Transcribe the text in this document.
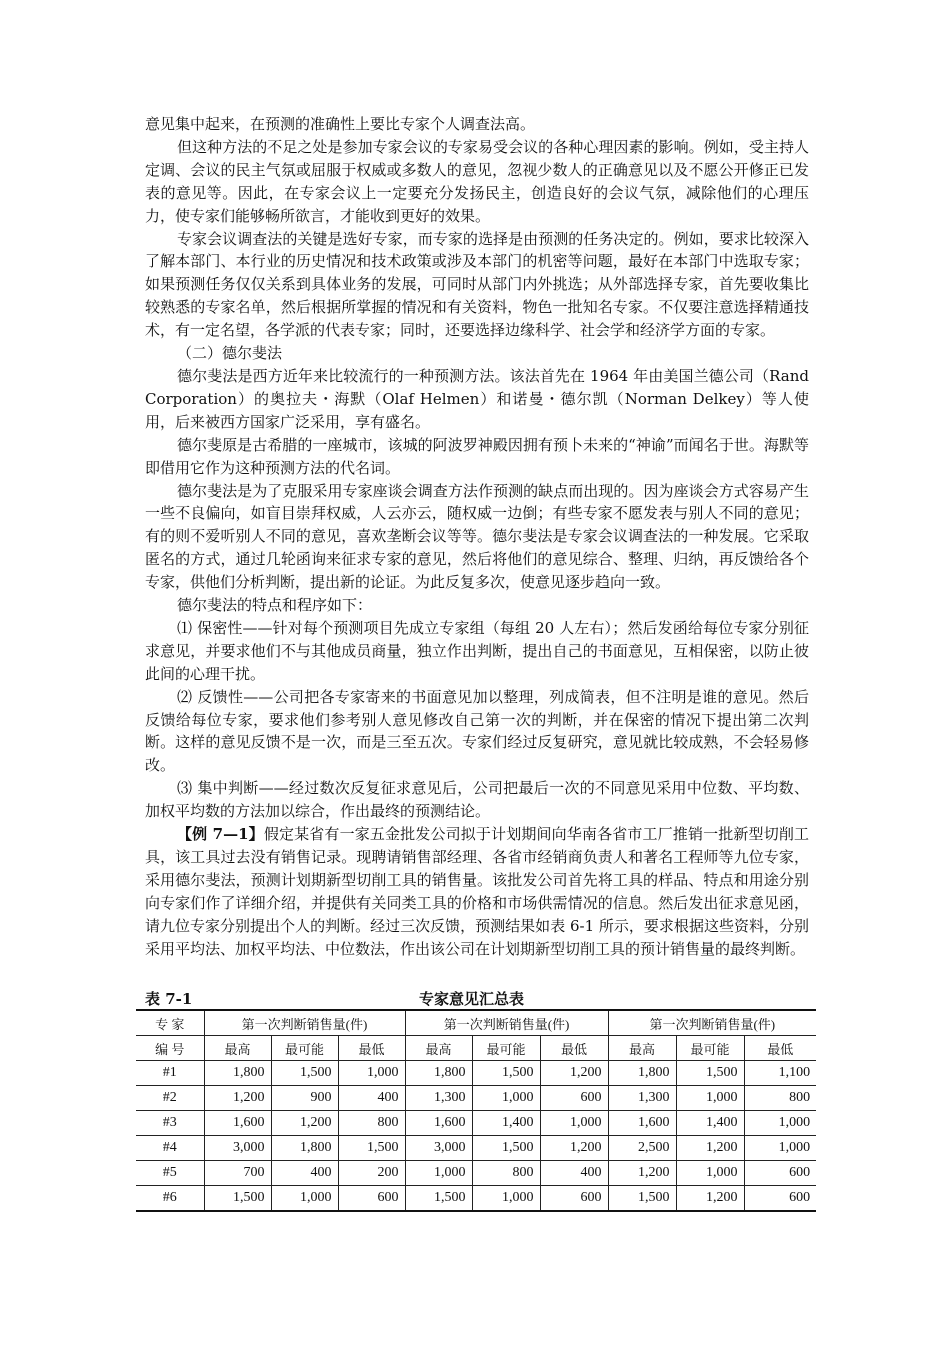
意见集中起来，在预测的准确性上要比专家个人调查法高。

但这种方法的不足之处是参加专家会议的专家易受会议的各种心理因素的影响。例如，受主持人定调、会议的民主气氛或屈服于权威或多数人的意见，忽视少数人的正确意见以及不愿公开修正已发表的意见等。因此，在专家会议上一定要充分发扬民主，创造良好的会议气氛，减除他们的心理压力，使专家们能够畅所欲言，才能收到更好的效果。

专家会议调查法的关键是选好专家，而专家的选择是由预测的任务决定的。例如，要求比较深入了解本部门、本行业的历史情况和技术政策或涉及本部门的机密等问题，最好在本部门中选取专家；如果预测任务仅仅关系到具体业务的发展，可同时从部门内外挑选；从外部选择专家，首先要收集比较熟悉的专家名单，然后根据所掌握的情况和有关资料，物色一批知名专家。不仅要注意选择精通技术，有一定名望，各学派的代表专家；同时，还要选择边缘科学、社会学和经济学方面的专家。

（二）德尔斐法

德尔斐法是西方近年来比较流行的一种预测方法。该法首先在 1964 年由美国兰德公司（Rand Corporation）的奥拉夫・海默（Olaf Helmen）和诺曼・德尔凯（Norman Delkey）等人使用，后来被西方国家广泛采用，享有盛名。

德尔斐原是古希腊的一座城市，该城的阿波罗神殿因拥有预卜未来的“神谕”而闻名于世。海默等即借用它作为这种预测方法的代名词。

德尔斐法是为了克服采用专家座谈会调查方法作预测的缺点而出现的。因为座谈会方式容易产生一些不良偏向，如盲目崇拜权威，人云亦云，随权威一边倒；有些专家不愿发表与别人不同的意见；有的则不爱听别人不同的意见，喜欢垄断会议等等。德尔斐法是专家会议调查法的一种发展。它采取匿名的方式，通过几轮函询来征求专家的意见，然后将他们的意见综合、整理、归纳，再反馈给各个专家，供他们分析判断，提出新的论证。为此反复多次，使意见逐步趋向一致。

德尔斐法的特点和程序如下：

⑴ 保密性——针对每个预测项目先成立专家组（每组 20 人左右）；然后发函给每位专家分别征求意见，并要求他们不与其他成员商量，独立作出判断，提出自己的书面意见，互相保密，以防止彼此间的心理干扰。

⑵ 反馈性——公司把各专家寄来的书面意见加以整理，列成简表，但不注明是谁的意见。然后反馈给每位专家，要求他们参考别人意见修改自己第一次的判断，并在保密的情况下提出第二次判断。这样的意见反馈不是一次，而是三至五次。专家们经过反复研究，意见就比较成熟，不会轻易修改。

⑶ 集中判断——经过数次反复征求意见后，公司把最后一次的不同意见采用中位数、平均数、加权平均数的方法加以综合，作出最终的预测结论。

【例 7—1】假定某省有一家五金批发公司拟于计划期间向华南各省市工厂推销一批新型切削工具，该工具过去没有销售记录。现聘请销售部经理、各省市经销商负责人和著名工程师等九位专家，采用德尔斐法，预测计划期新型切削工具的销售量。该批发公司首先将工具的样品、特点和用途分别向专家们作了详细介绍，并提供有关同类工具的价格和市场供需情况的信息。然后发出征求意见函，请九位专家分别提出个人的判断。经过三次反馈，预测结果如表 6-1 所示，要求根据这些资料，分别采用平均法、加权平均法、中位数法，作出该公司在计划期新型切削工具的预计销售量的最终判断。

表 7-1	专家意见汇总表
专 家	第一次判断销售量(件)			第一次判断销售量(件)			第一次判断销售量(件)		
编 号	最高	最可能	最低	最高	最可能	最低	最高	最可能	最低
#1	1,800	1,500	1,000	1,800	1,500	1,200	1,800	1,500	1,100
#2	1,200	900	400	1,300	1,000	600	1,300	1,000	800
#3	1,600	1,200	800	1,600	1,400	1,000	1,600	1,400	1,000
#4	3,000	1,800	1,500	3,000	1,500	1,200	2,500	1,200	1,000
#5	700	400	200	1,000	800	400	1,200	1,000	600
#6	1,500	1,000	600	1,500	1,000	600	1,500	1,200	600
